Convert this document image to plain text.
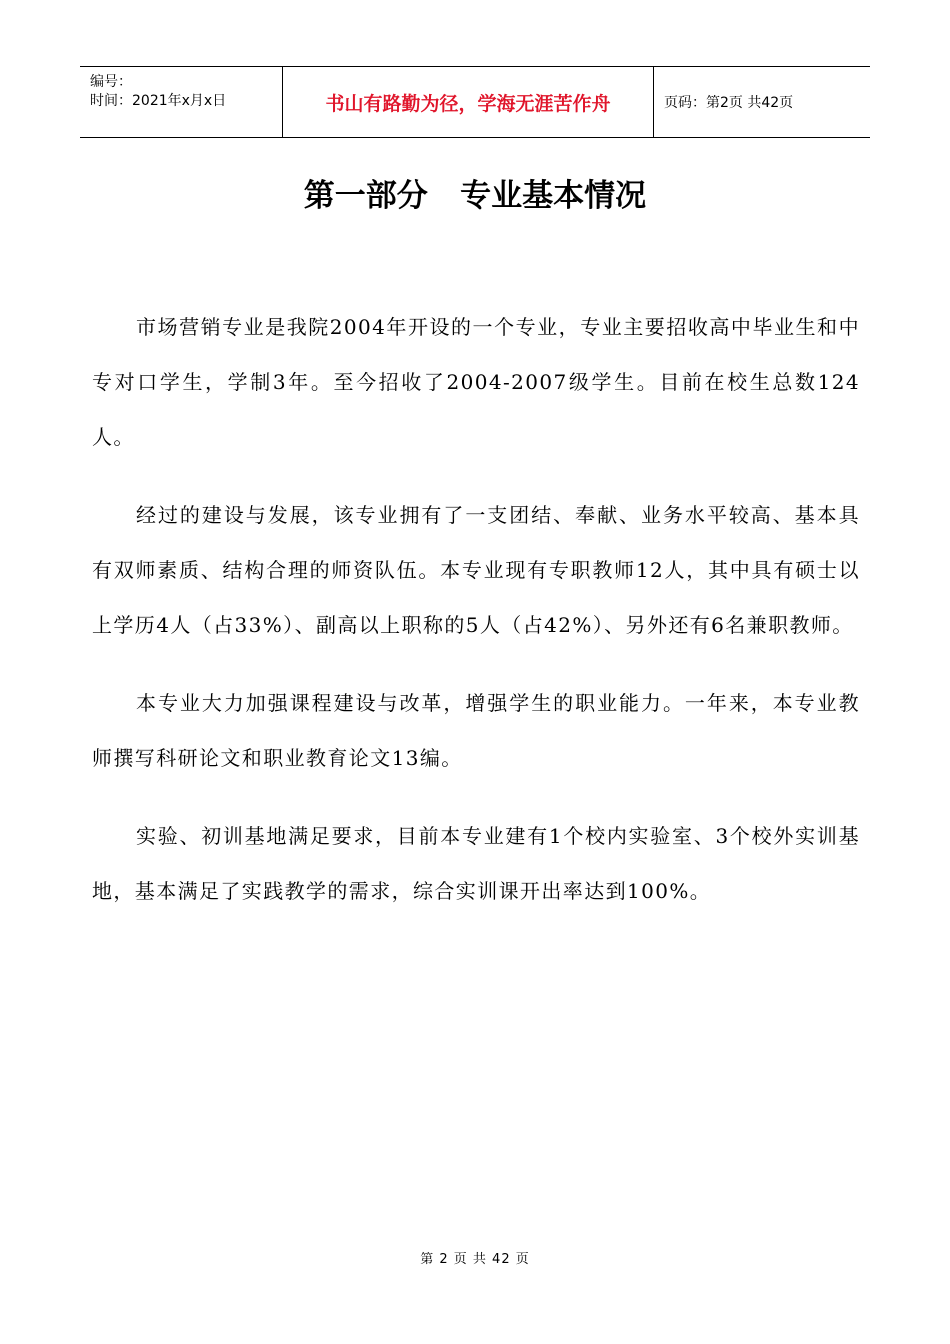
编号：
时间：2021年x月x日	书山有路勤为径，学海无涯苦作舟	页码：第2页 共42页
第一部分   专业基本情况

市场营销专业是我院2004年开设的一个专业，专业主要招收高中毕业生和中专对口学生，学制3年。至今招收了2004-2007级学生。目前在校生总数124人。

经过的建设与发展，该专业拥有了一支团结、奉献、业务水平较高、基本具有双师素质、结构合理的师资队伍。本专业现有专职教师12人，其中具有硕士以上学历4人（占33%）、副高以上职称的5人（占42%）、另外还有6名兼职教师。

本专业大力加强课程建设与改革，增强学生的职业能力。一年来，本专业教师撰写科研论文和职业教育论文13编。

实验、初训基地满足要求，目前本专业建有1个校内实验室、3个校外实训基地，基本满足了实践教学的需求，综合实训课开出率达到100%。

第 2 页 共 42 页
